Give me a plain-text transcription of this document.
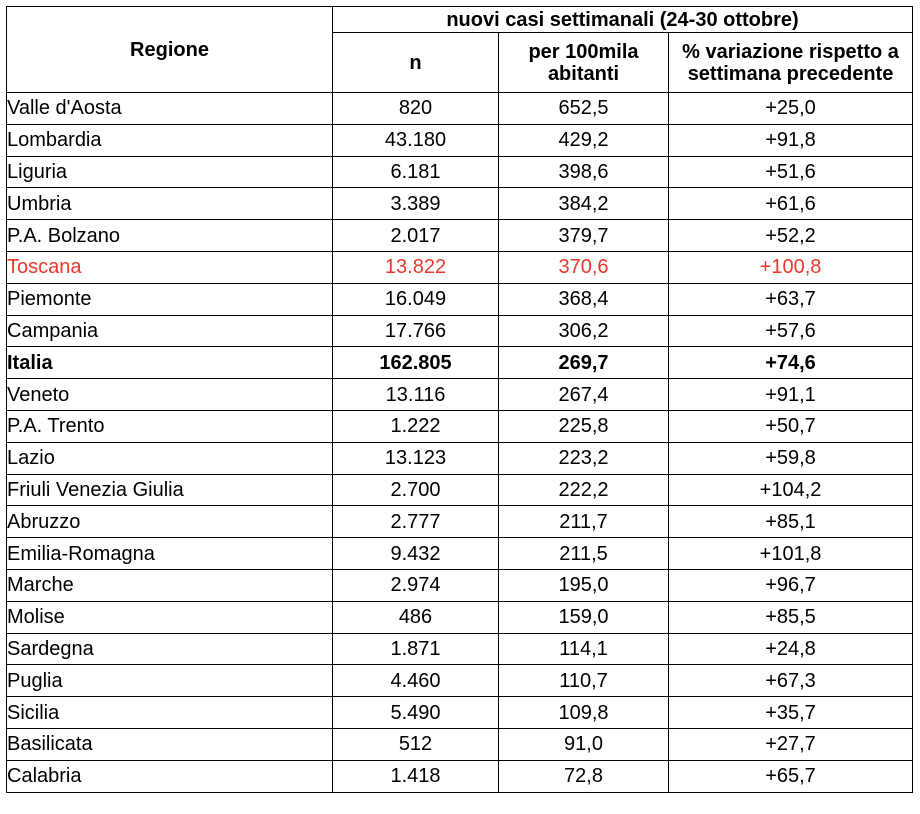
Regione	nuovi casi settimanali (24-30 ottobre)		
	n	per 100mila abitanti	% variazione rispetto a settimana precedente
Valle d'Aosta	820	652,5	+25,0
Lombardia	43.180	429,2	+91,8
Liguria	6.181	398,6	+51,6
Umbria	3.389	384,2	+61,6
P.A. Bolzano	2.017	379,7	+52,2
Toscana	13.822	370,6	+100,8
Piemonte	16.049	368,4	+63,7
Campania	17.766	306,2	+57,6
Italia	162.805	269,7	+74,6
Veneto	13.116	267,4	+91,1
P.A. Trento	1.222	225,8	+50,7
Lazio	13.123	223,2	+59,8
Friuli Venezia Giulia	2.700	222,2	+104,2
Abruzzo	2.777	211,7	+85,1
Emilia-Romagna	9.432	211,5	+101,8
Marche	2.974	195,0	+96,7
Molise	486	159,0	+85,5
Sardegna	1.871	114,1	+24,8
Puglia	4.460	110,7	+67,3
Sicilia	5.490	109,8	+35,7
Basilicata	512	91,0	+27,7
Calabria	1.418	72,8	+65,7
